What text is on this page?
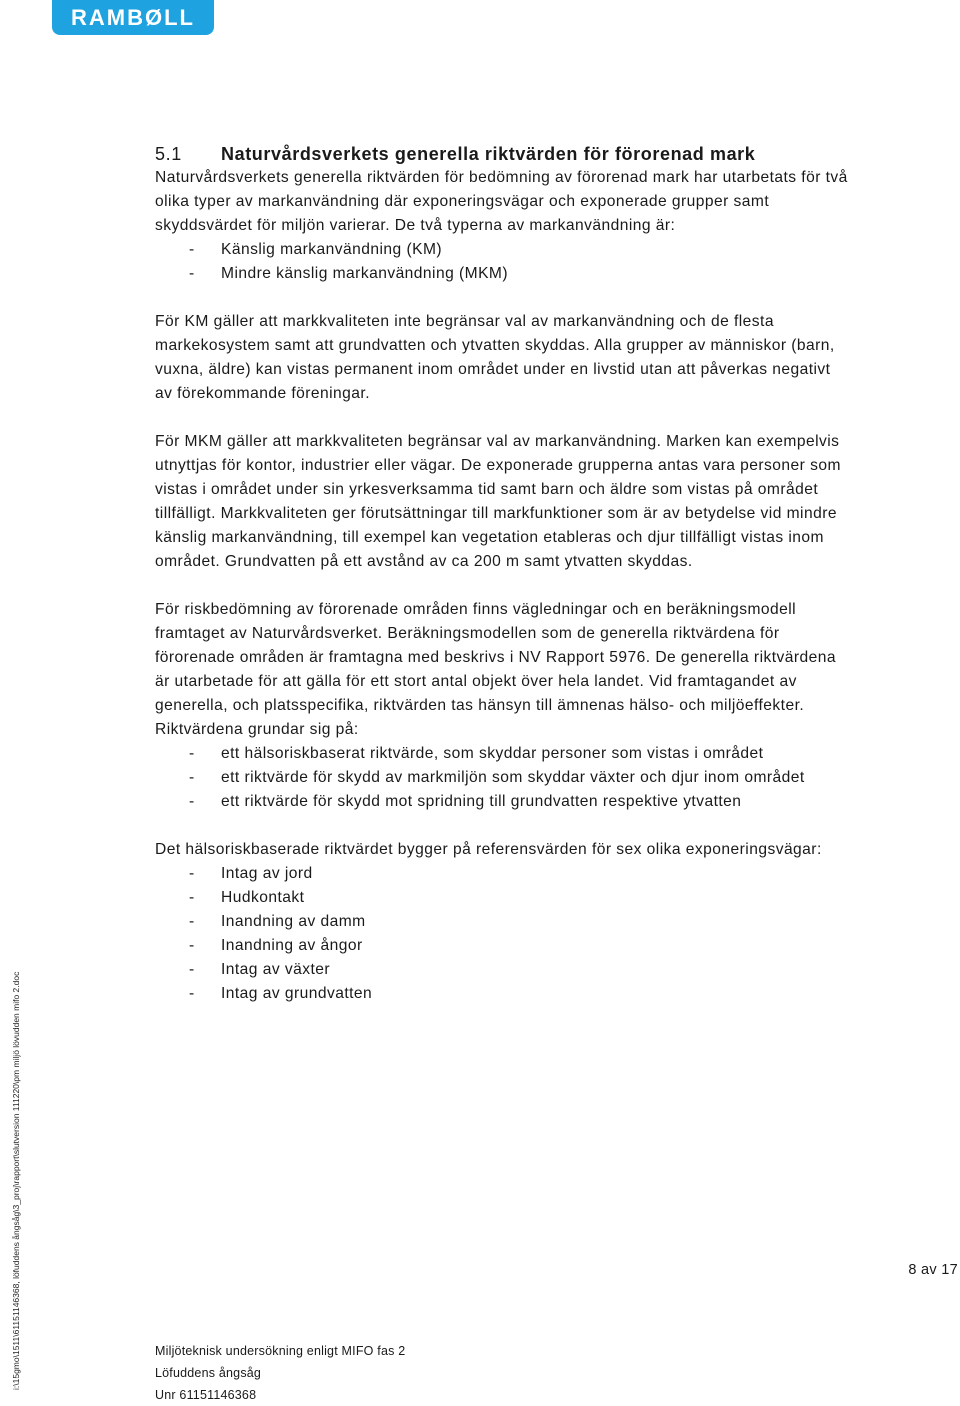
RAMBØLL
5.1 Naturvårdsverkets generella riktvärden för förorenad mark

Naturvårdsverkets generella riktvärden för bedömning av förorenad mark har utarbetats för två olika typer av markanvändning där exponeringsvägar och exponerade grupper samt skyddsvärdet för miljön varierar. De två typerna av markanvändning är:

- Känslig markanvändning (KM)
- Mindre känslig markanvändning (MKM)

För KM gäller att markkvaliteten inte begränsar val av markanvändning och de flesta markekosystem samt att grundvatten och ytvatten skyddas. Alla grupper av människor (barn, vuxna, äldre) kan vistas permanent inom området under en livstid utan att påverkas negativt av förekommande föreningar.

För MKM gäller att markkvaliteten begränsar val av markanvändning. Marken kan exempelvis utnyttjas för kontor, industrier eller vägar. De exponerade grupperna antas vara personer som vistas i området under sin yrkesverksamma tid samt barn och äldre som vistas på området tillfälligt. Markkvaliteten ger förutsättningar till markfunktioner som är av betydelse vid mindre känslig markanvändning, till exempel kan vegetation etableras och djur tillfälligt vistas inom området. Grundvatten på ett avstånd av ca 200 m samt ytvatten skyddas.

För riskbedömning av förorenade områden finns vägledningar och en beräkningsmodell framtaget av Naturvårdsverket. Beräkningsmodellen som de generella riktvärdena för förorenade områden är framtagna med beskrivs i NV Rapport 5976. De generella riktvärdena är utarbetade för att gälla för ett stort antal objekt över hela landet. Vid framtagandet av generella, och platsspecifika, riktvärden tas hänsyn till ämnenas hälso- och miljöeffekter. Riktvärdena grundar sig på:

- ett hälsoriskbaserat riktvärde, som skyddar personer som vistas i området
- ett riktvärde för skydd av markmiljön som skyddar växter och djur inom området
- ett riktvärde för skydd mot spridning till grundvatten respektive ytvatten

Det hälsoriskbaserade riktvärdet bygger på referensvärden för sex olika exponeringsvägar:

- Intag av jord
- Hudkontakt
- Inandning av damm
- Inandning av ångor
- Intag av växter
- Intag av grundvatten
8 av 17
Miljöteknisk undersökning enligt MIFO fas 2
Löfuddens ångsåg
Unr 61151146368
i:\15gmo\1511\61151146368, löfuddens ångsåg\3_proj\rapport\slutversion 111220\pm miljö lövudden mifo 2.doc
